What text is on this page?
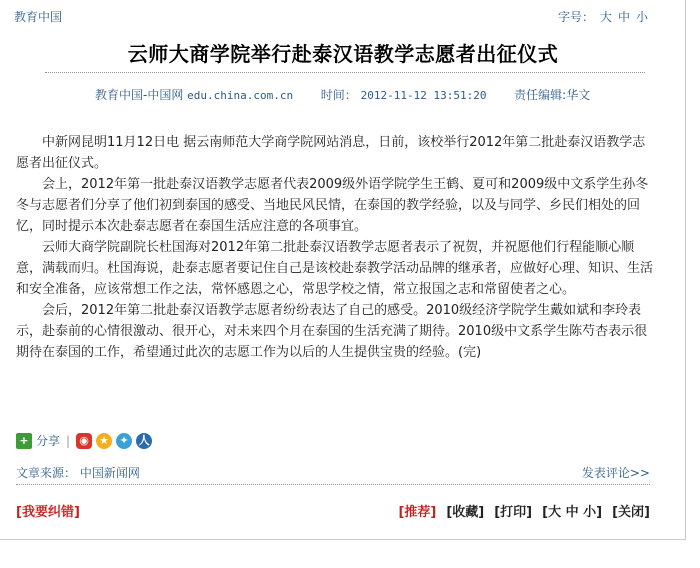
教育中国	字号： 大 中 小
云师大商学院举行赴泰汉语教学志愿者出征仪式
教育中国-中国网 edu.china.com.cn 时间： 2012-11-12 13:51:20 责任编辑:华文

中新网昆明11月12日电 据云南师范大学商学院网站消息，日前，该校举行2012年第二批赴泰汉语教学志愿者出征仪式。

会上，2012年第一批赴泰汉语教学志愿者代表2009级外语学院学生王鹤、夏可和2009级中文系学生孙冬冬与志愿者们分享了他们初到泰国的感受、当地民风民情，在泰国的教学经验，以及与同学、乡民们相处的回忆，同时提示本次赴泰志愿者在泰国生活应注意的各项事宜。

云师大商学院副院长杜国海对2012年第二批赴泰汉语教学志愿者表示了祝贺，并祝愿他们行程能顺心顺意，满载而归。杜国海说，赴泰志愿者要记住自己是该校赴泰教学活动品牌的继承者，应做好心理、知识、生活和安全准备，应该常想工作之法，常怀感恩之心，常思学校之情，常立报国之志和常留使者之心。

会后，2012年第二批赴泰汉语教学志愿者纷纷表达了自己的感受。2010级经济学院学生戴如斌和李玲表示，赴泰前的心情很激动、很开心，对未来四个月在泰国的生活充满了期待。2010级中文系学生陈芍杏表示很期待在泰国的工作，希望通过此次的志愿工作为以后的人生提供宝贵的经验。(完)

+ 分享 | ◉ ★ ✦ 人
文章来源： 中国新闻网	发表评论>>
[我要纠错]	[推荐] [收藏] [打印] [大 中 小] [关闭]
